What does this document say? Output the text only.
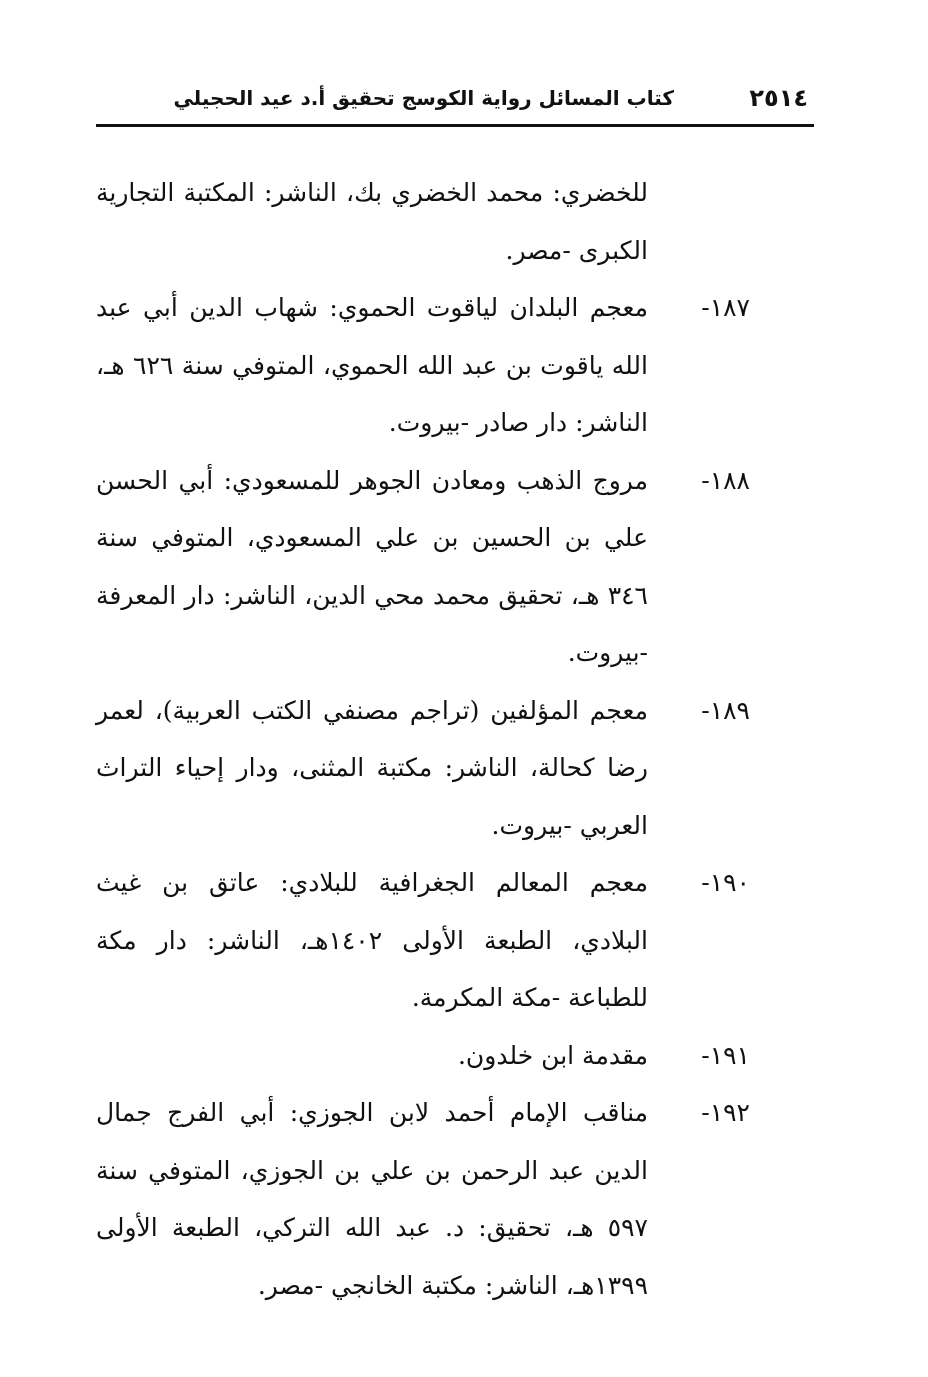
٢٥١٤
كتاب المسائل رواية الكوسج تحقيق أ.د عيد الحجيلي
للخضري: محمد الخضري بك، الناشر: المكتبة التجارية الكبرى -مصر.
١٨٧-
معجم البلدان لياقوت الحموي: شهاب الدين أبي عبد الله ياقوت بن عبد الله الحموي، المتوفي سنة ٦٢٦ هـ، الناشر: دار صادر -بيروت.
١٨٨-
مروج الذهب ومعادن الجوهر للمسعودي: أبي الحسن علي بن الحسين بن علي المسعودي، المتوفي سنة ٣٤٦ هـ، تحقيق محمد محي الدين، الناشر: دار المعرفة -بيروت.
١٨٩-
معجم المؤلفين (تراجم مصنفي الكتب العربية)، لعمر رضا كحالة، الناشر: مكتبة المثنى، ودار إحياء التراث العربي -بيروت.
١٩٠-
معجم المعالم الجغرافية للبلادي: عاتق بن غيث البلادي، الطبعة الأولى ١٤٠٢هـ، الناشر: دار مكة للطباعة -مكة المكرمة.
١٩١-
مقدمة ابن خلدون.
١٩٢-
مناقب الإمام أحمد لابن الجوزي: أبي الفرج جمال الدين عبد الرحمن بن علي بن الجوزي، المتوفي سنة ٥٩٧ هـ، تحقيق: د. عبد الله التركي، الطبعة الأولى ١٣٩٩هـ، الناشر: مكتبة الخانجي -مصر.
